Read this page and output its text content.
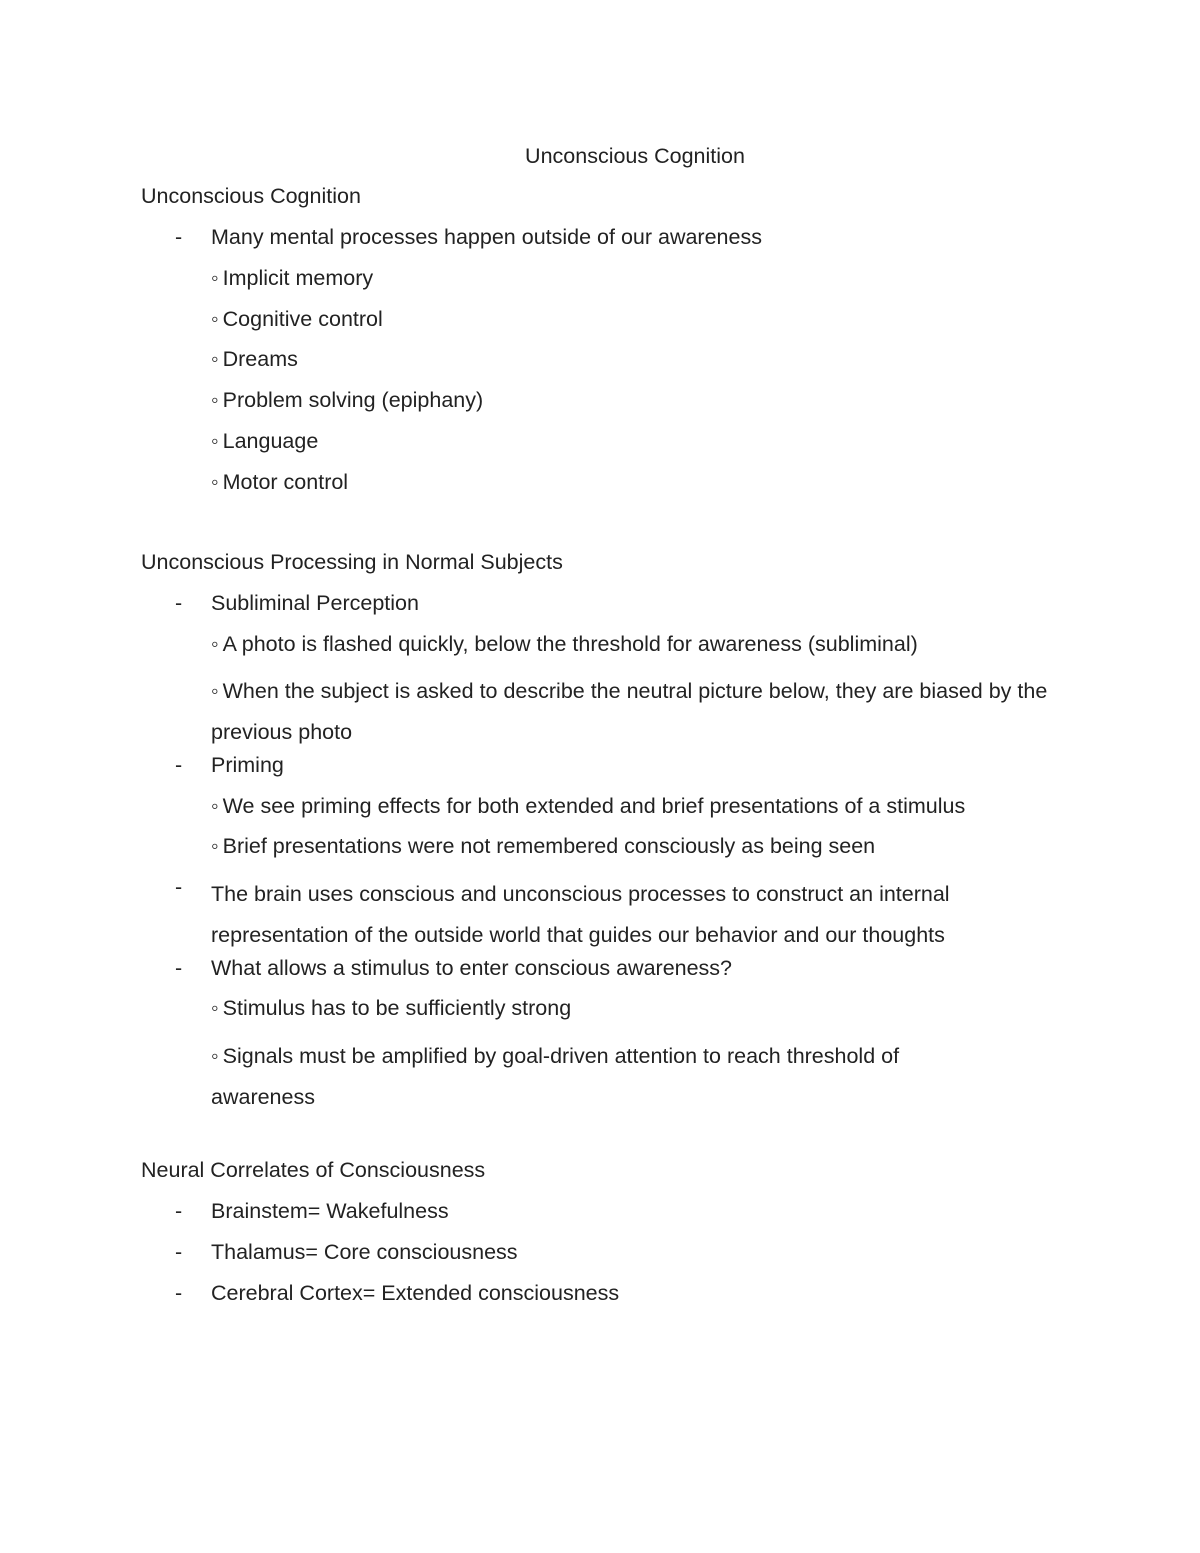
Unconscious Cognition
Unconscious Cognition
- Many mental processes happen outside of our awareness
◦ Implicit memory
◦ Cognitive control
◦ Dreams
◦ Problem solving (epiphany)
◦ Language
◦ Motor control
Unconscious Processing in Normal Subjects
- Subliminal Perception
◦ A photo is flashed quickly, below the threshold for awareness (subliminal)
◦ When the subject is asked to describe the neutral picture below, they are biased by the previous photo
- Priming
◦ We see priming effects for both extended and brief presentations of a stimulus
◦ Brief presentations were not remembered consciously as being seen
- The brain uses conscious and unconscious processes to construct an internal representation of the outside world that guides our behavior and our thoughts
- What allows a stimulus to enter conscious awareness?
◦ Stimulus has to be sufficiently strong
◦ Signals must be amplified by goal-driven attention to reach threshold of awareness
Neural Correlates of Consciousness
- Brainstem= Wakefulness
- Thalamus= Core consciousness
- Cerebral Cortex= Extended consciousness
